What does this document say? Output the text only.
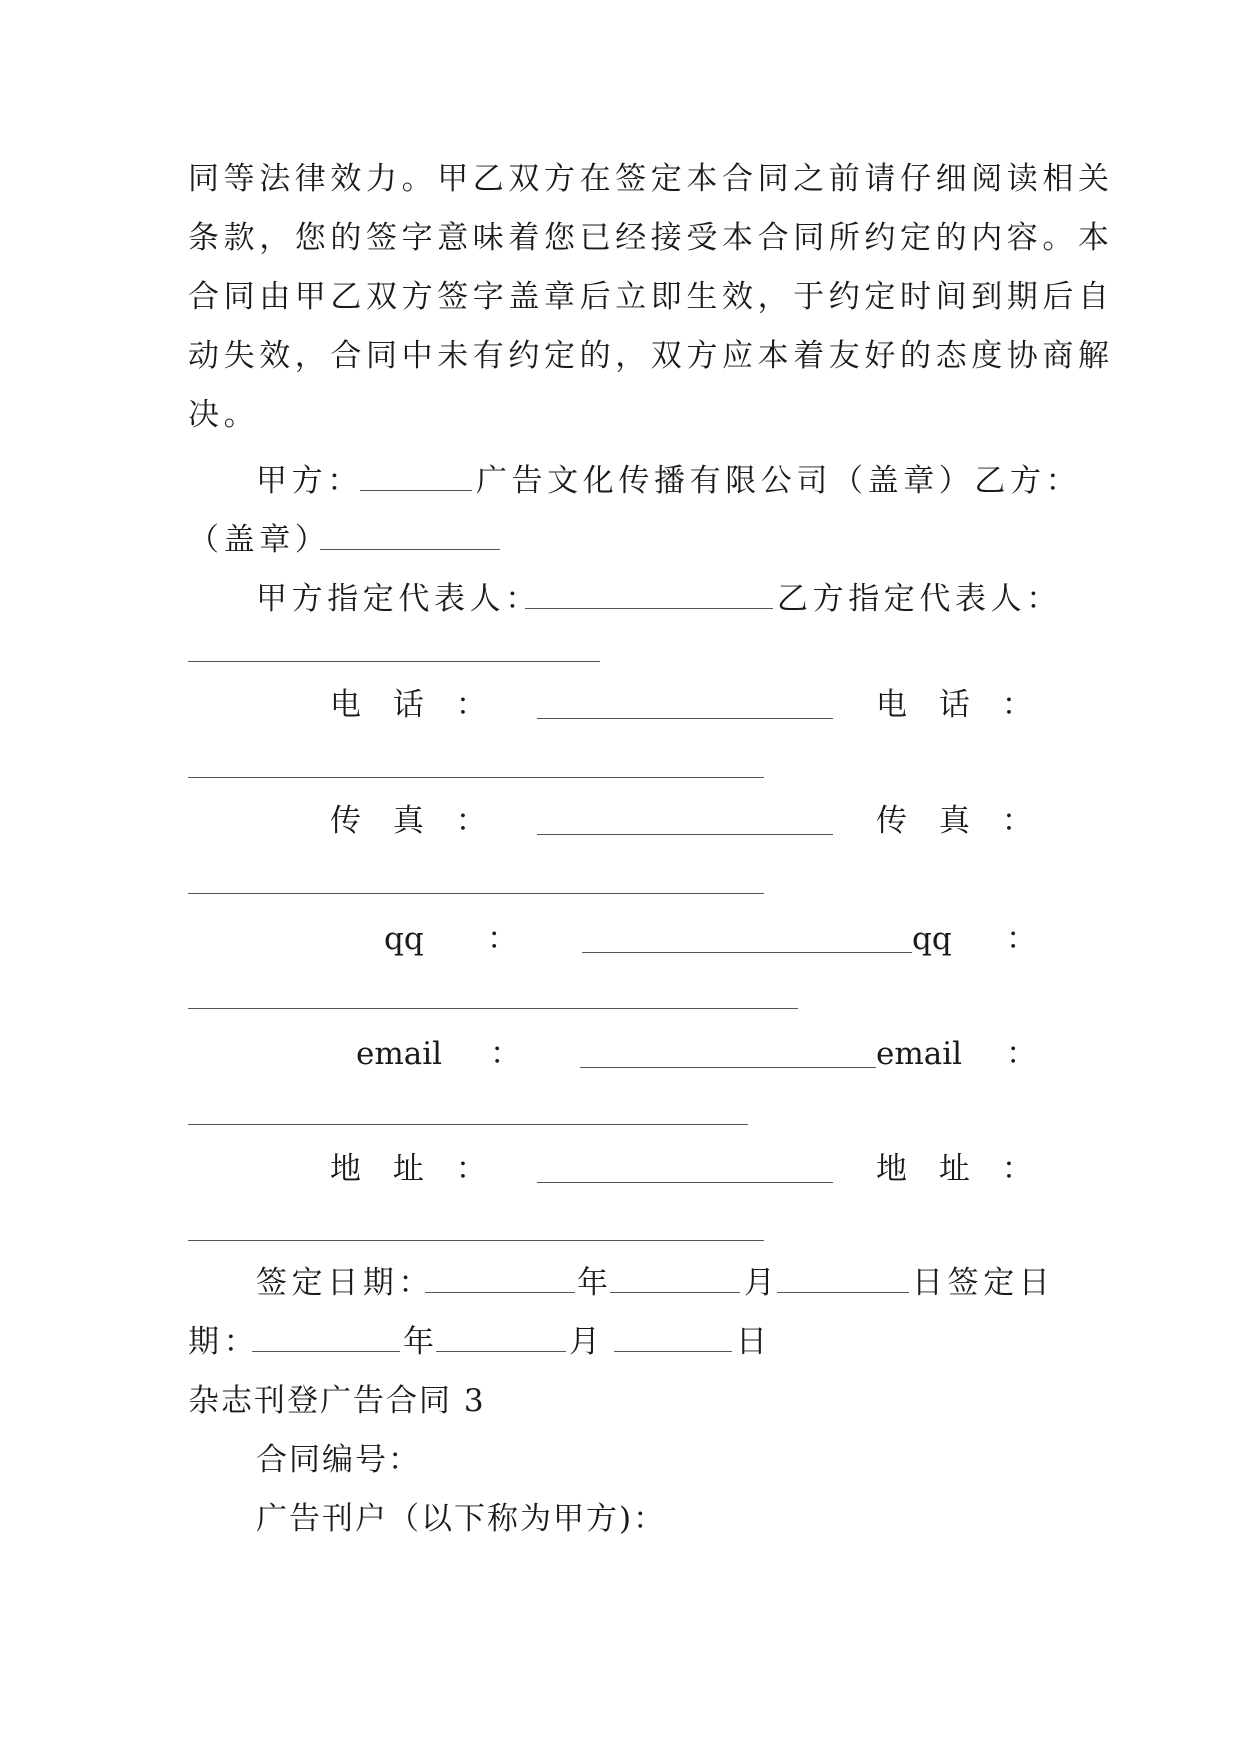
同等法律效力。甲乙双方在签定本合同之前请仔细阅读相关
条款，您的签字意味着您已经接受本合同所约定的内容。本
合同由甲乙双方签字盖章后立即生效，于约定时间到期后自
动失效，合同中未有约定的，双方应本着友好的态度协商解
决。
甲方：	广告文化传播有限公司（盖章）乙方：
（盖章）
甲方指定代表人：	乙方指定代表人：
电 话 ：	电 话 ：
传 真 ：	传 真 ：
qq ：	qq ：
email ：	email ：
地 址 ：	地 址 ：
签定日期：	年	月	日签定日
期：	年	月	日
杂志刊登广告合同 3
合同编号：
广告刊户（以下称为甲方)：
